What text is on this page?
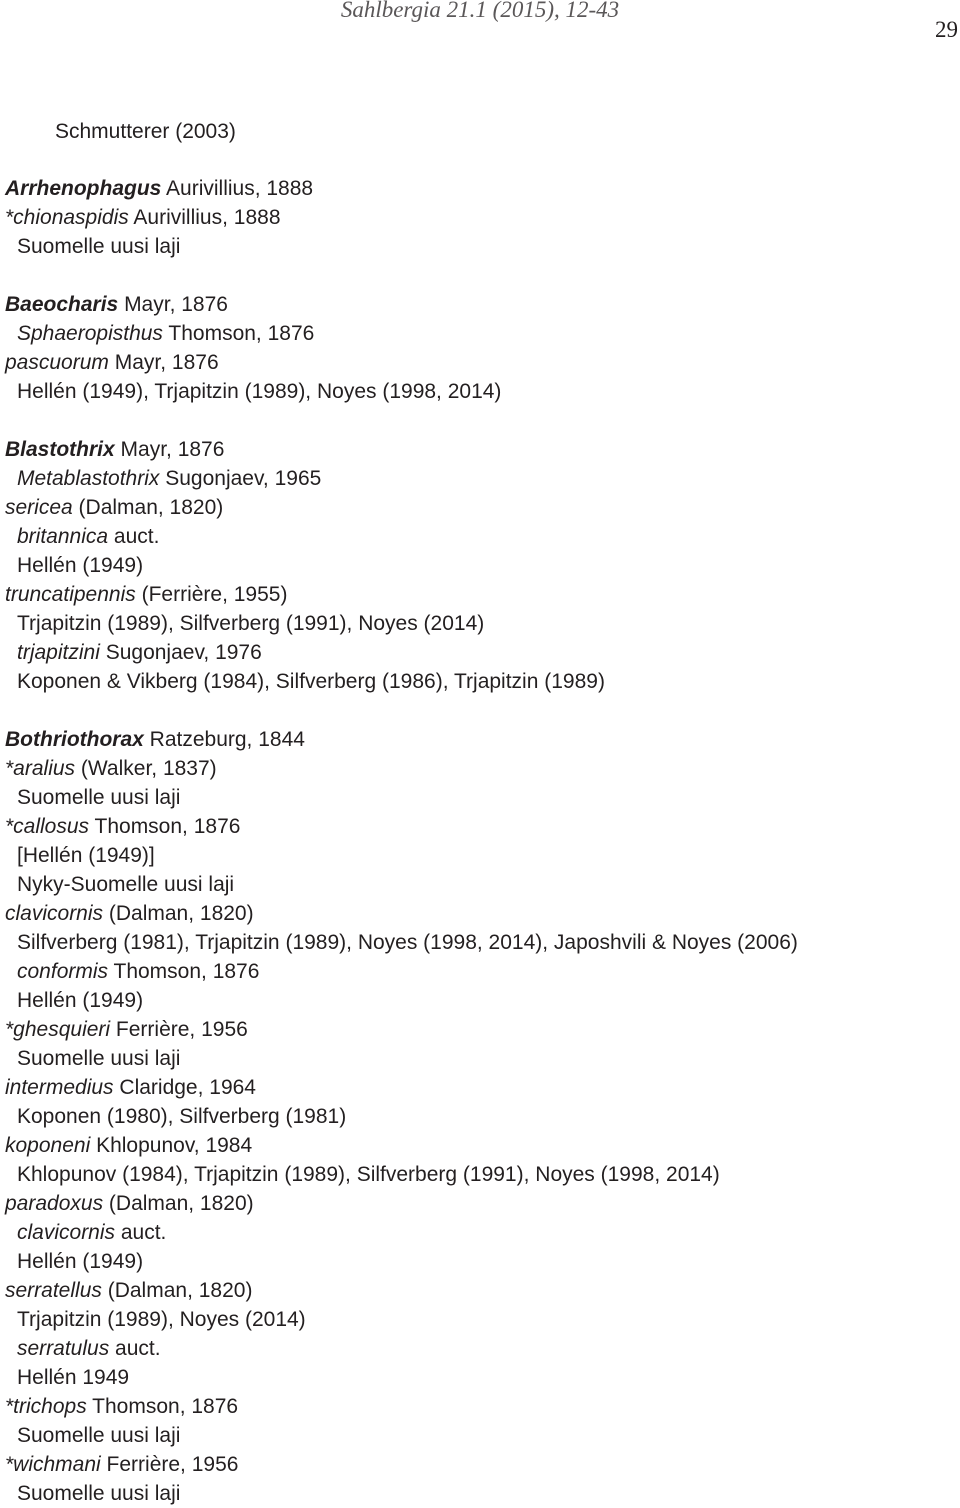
Sahlbergia 21.1 (2015), 12-43
29
Schmutterer (2003)
Arrhenophagus Aurivillius, 1888
*chionaspidis Aurivillius, 1888
Suomelle uusi laji
Baeocharis Mayr, 1876
Sphaeropisthus Thomson, 1876
pascuorum Mayr, 1876
Hellén (1949), Trjapitzin (1989), Noyes (1998, 2014)
Blastothrix Mayr, 1876
Metablastothrix Sugonjaev, 1965
sericea (Dalman, 1820)
britannica auct.
Hellén (1949)
truncatipennis (Ferrière, 1955)
Trjapitzin (1989), Silfverberg (1991), Noyes (2014)
trjapitzini Sugonjaev, 1976
Koponen & Vikberg (1984), Silfverberg (1986), Trjapitzin (1989)
Bothriothorax Ratzeburg, 1844
*aralius (Walker, 1837)
Suomelle uusi laji
*callosus Thomson, 1876
[Hellén (1949)]
Nyky-Suomelle uusi laji
clavicornis (Dalman, 1820)
Silfverberg (1981), Trjapitzin (1989), Noyes (1998, 2014), Japoshvili & Noyes (2006)
conformis Thomson, 1876
Hellén (1949)
*ghesquieri Ferrière, 1956
Suomelle uusi laji
intermedius Claridge, 1964
Koponen (1980), Silfverberg (1981)
koponeni Khlopunov, 1984
Khlopunov (1984), Trjapitzin (1989), Silfverberg (1991), Noyes (1998, 2014)
paradoxus (Dalman, 1820)
clavicornis auct.
Hellén (1949)
serratellus (Dalman, 1820)
Trjapitzin (1989), Noyes (2014)
serratulus auct.
Hellén 1949
*trichops Thomson, 1876
Suomelle uusi laji
*wichmani Ferrière, 1956
Suomelle uusi laji
